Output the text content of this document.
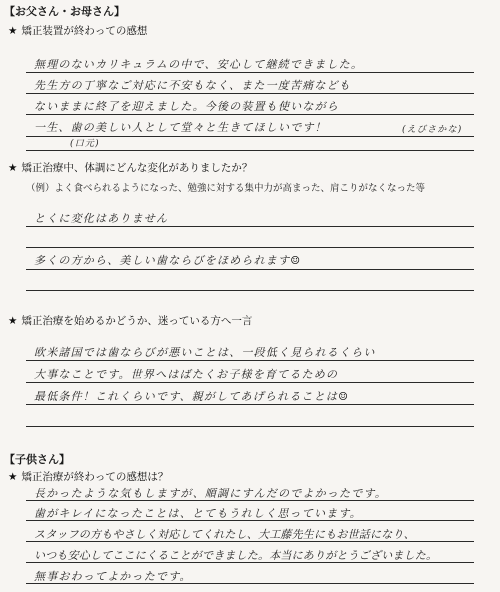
【お父さん・お母さん】
★ 矯正装置が終わっての感想
無理のないカリキュラムの中で、安心して継続できました。
先生方の丁寧なご対応に不安もなく、また一度苦痛なども
ないままに終了を迎えました。今後の装置も使いながら
一生、歯の美しい人として堂々と生きてほしいです！
(口元)
(えびさかな)
★ 矯正治療中、体調にどんな変化がありましたか？
（例）よく食べられるようになった、勉強に対する集中力が高まった、肩こりがなくなった等
とくに変化はありません
多くの方から、美しい歯ならびをほめられます☺
★ 矯正治療を始めるかどうか、迷っている方へ一言
欧米諸国では歯ならびが悪いことは、一段低く見られるくらい
大事なことです。世界へはばたくお子様を育てるための
最低条件！これくらいです、親がしてあげられることは☺
【子供さん】
★ 矯正治療が終わっての感想は？
長かったような気もしますが、順調にすんだのでよかったです。
歯がキレイになったことは、とてもうれしく思っています。
スタッフの方もやさしく対応してくれたし、大工藤先生にもお世話になり、
いつも安心してここにくることができました。本当にありがとうございました。
無事おわってよかったです。
